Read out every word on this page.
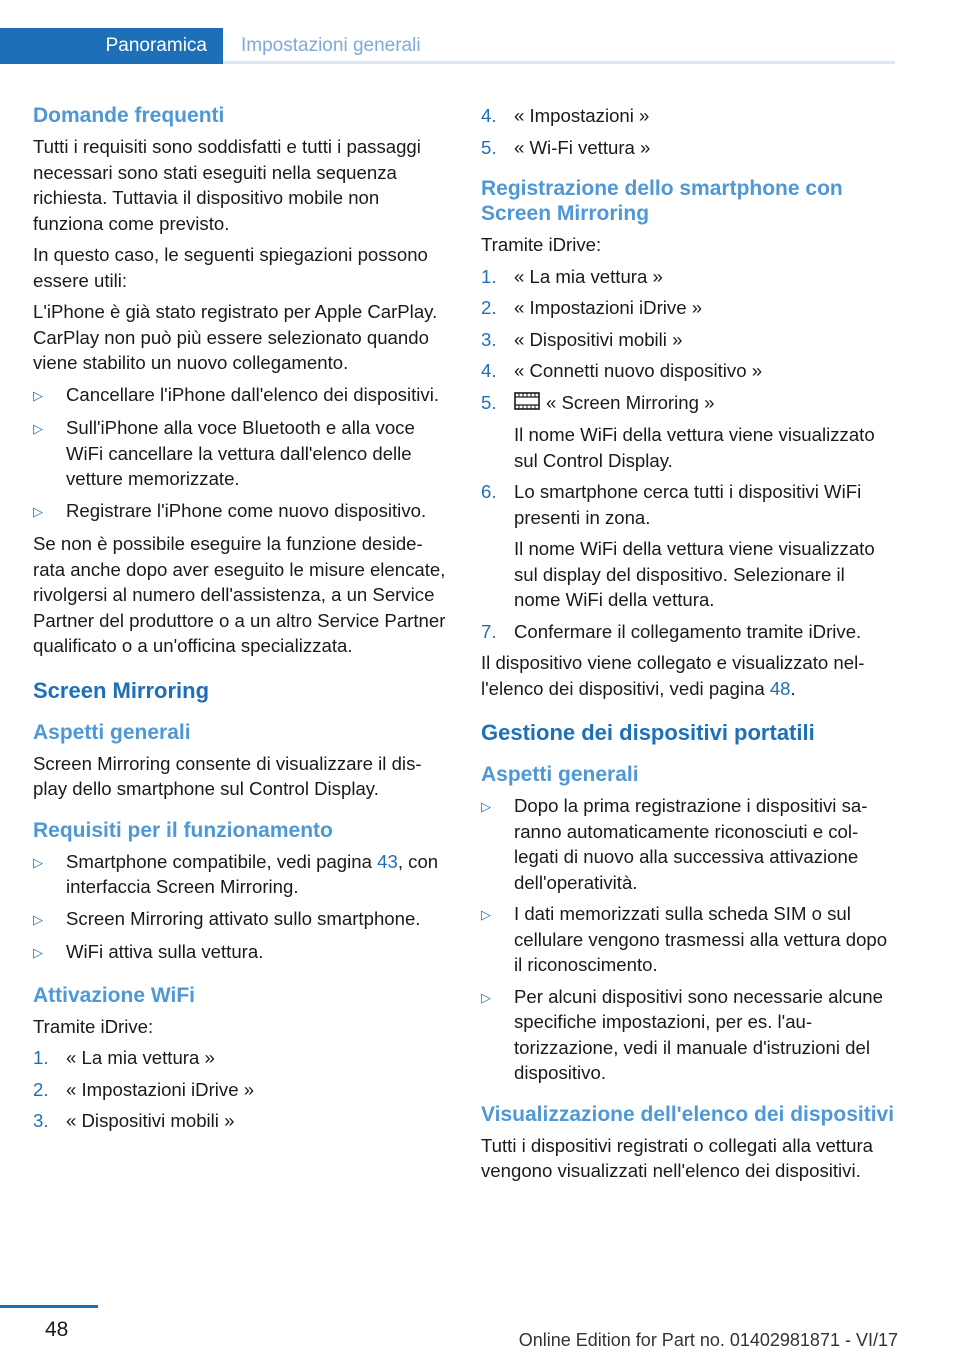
Panoramica Impostazioni generali
Domande frequenti

Tutti i requisiti sono soddisfatti e tutti i passaggi necessari sono stati eseguiti nella sequenza richiesta. Tuttavia il dispositivo mobile non funziona come previsto.

In questo caso, le seguenti spiegazioni possono essere utili:

L'iPhone è già stato registrato per Apple CarPlay. CarPlay non può più essere selezionato quando viene stabilito un nuovo collegamento.

▷	Cancellare l'iPhone dall'elenco dei dispositivi.
▷	Sull'iPhone alla voce Bluetooth e alla voce WiFi cancellare la vettura dall'elenco delle vetture memorizzate.
▷	Registrare l'iPhone come nuovo dispositivo.

Se non è possibile eseguire la funzione desiderata anche dopo aver eseguito le misure elencate, rivolgersi al numero dell'assistenza, a un Service Partner del produttore o a un altro Service Partner qualificato o a un'officina specializzata.

Screen Mirroring
Aspetti generali

Screen Mirroring consente di visualizzare il display dello smartphone sul Control Display.

Requisiti per il funzionamento
▷	Smartphone compatibile, vedi pagina 43, con interfaccia Screen Mirroring.
▷	Screen Mirroring attivato sullo smartphone.
▷	WiFi attiva sulla vettura.
Attivazione WiFi

Tramite iDrive:

1. « La mia vettura »
2. « Impostazioni iDrive »
3. « Dispositivi mobili »
4. « Impostazioni »
5. « Wi-Fi vettura »
Registrazione dello smartphone con Screen Mirroring

Tramite iDrive:

1. « La mia vettura »
2. « Impostazioni iDrive »
3. « Dispositivi mobili »
4. « Connetti nuovo dispositivo »
5.	« Screen Mirroring »
Il nome WiFi della vettura viene visualizzato sul Control Display.
6. Lo smartphone cerca tutti i dispositivi WiFi presenti in zona.
Il nome WiFi della vettura viene visualizzato sul display del dispositivo. Selezionare il nome WiFi della vettura.
7. Confermare il collegamento tramite iDrive.

Il dispositivo viene collegato e visualizzato nell'elenco dei dispositivi, vedi pagina 48.

Gestione dei dispositivi portatili
Aspetti generali
▷	Dopo la prima registrazione i dispositivi saranno automaticamente riconosciuti e collegati di nuovo alla successiva attivazione dell'operatività.
▷	I dati memorizzati sulla scheda SIM o sul cellulare vengono trasmessi alla vettura dopo il riconoscimento.
▷	Per alcuni dispositivi sono necessarie alcune specifiche impostazioni, per es. l'autorizzazione, vedi il manuale d'istruzioni del dispositivo.
Visualizzazione dell'elenco dei dispositivi

Tutti i dispositivi registrati o collegati alla vettura vengono visualizzati nell'elenco dei dispositivi.

48	Online Edition for Part no. 01402981871 - VI/17
